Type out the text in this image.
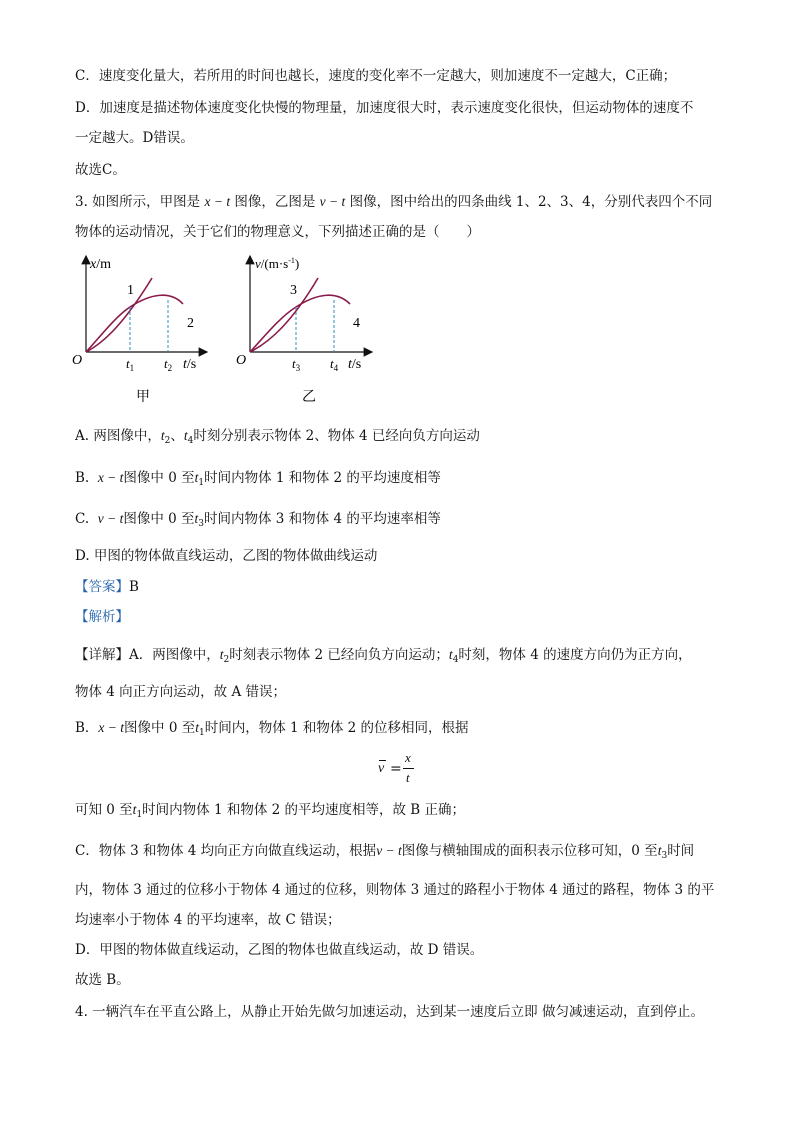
C．速度变化量大，若所用的时间也越长，速度的变化率不一定越大，则加速度不一定越大，C正确；
D．加速度是描述物体速度变化快慢的物理量，加速度很大时，表示速度变化很快，但运动物体的速度不
一定越大。D错误。
故选C。
3. 如图所示，甲图是 x − t 图像，乙图是 v − t 图像，图中给出的四条曲线 1、2、3、4，分别代表四个不同
物体的运动情况，关于它们的物理意义，下列描述正确的是（　　）
x/m
O
1
2
$t_1$ $t_2$ t/s
甲
$v/(m\cdot s^{-1})$
O
3
4
$t_3$ $t_4$ t/s
乙
A. 两图像中，$t_2$、$t_4$时刻分别表示物体 2、物体 4 已经向负方向运动
B. x − t图像中 0 至$t_1$时间内物体 1 和物体 2 的平均速度相等
C. v − t图像中 0 至$t_3$时间内物体 3 和物体 4 的平均速率相等
D. 甲图的物体做直线运动，乙图的物体做曲线运动
【答案】B
【解析】
【详解】A．两图像中，$t_2$时刻表示物体 2 已经向负方向运动；$t_4$时刻，物体 4 的速度方向仍为正方向，
物体 4 向正方向运动，故 A 错误；
B．x − t图像中 0 至$t_1$时间内，物体 1 和物体 2 的位移相同，根据
v =
x
t
可知 0 至$t_1$时间内物体 1 和物体 2 的平均速度相等，故 B 正确；
C．物体 3 和物体 4 均向正方向做直线运动，根据v − t图像与横轴围成的面积表示位移可知，0 至$t_3$时间
内，物体 3 通过的位移小于物体 4 通过的位移，则物体 3 通过的路程小于物体 4 通过的路程，物体 3 的平
均速率小于物体 4 的平均速率，故 C 错误；
D．甲图的物体做直线运动，乙图的物体也做直线运动，故 D 错误。
故选 B。
4. 一辆汽车在平直公路上，从静止开始先做匀加速运动，达到某一速度后立即 做匀减速运动，直到停止。
